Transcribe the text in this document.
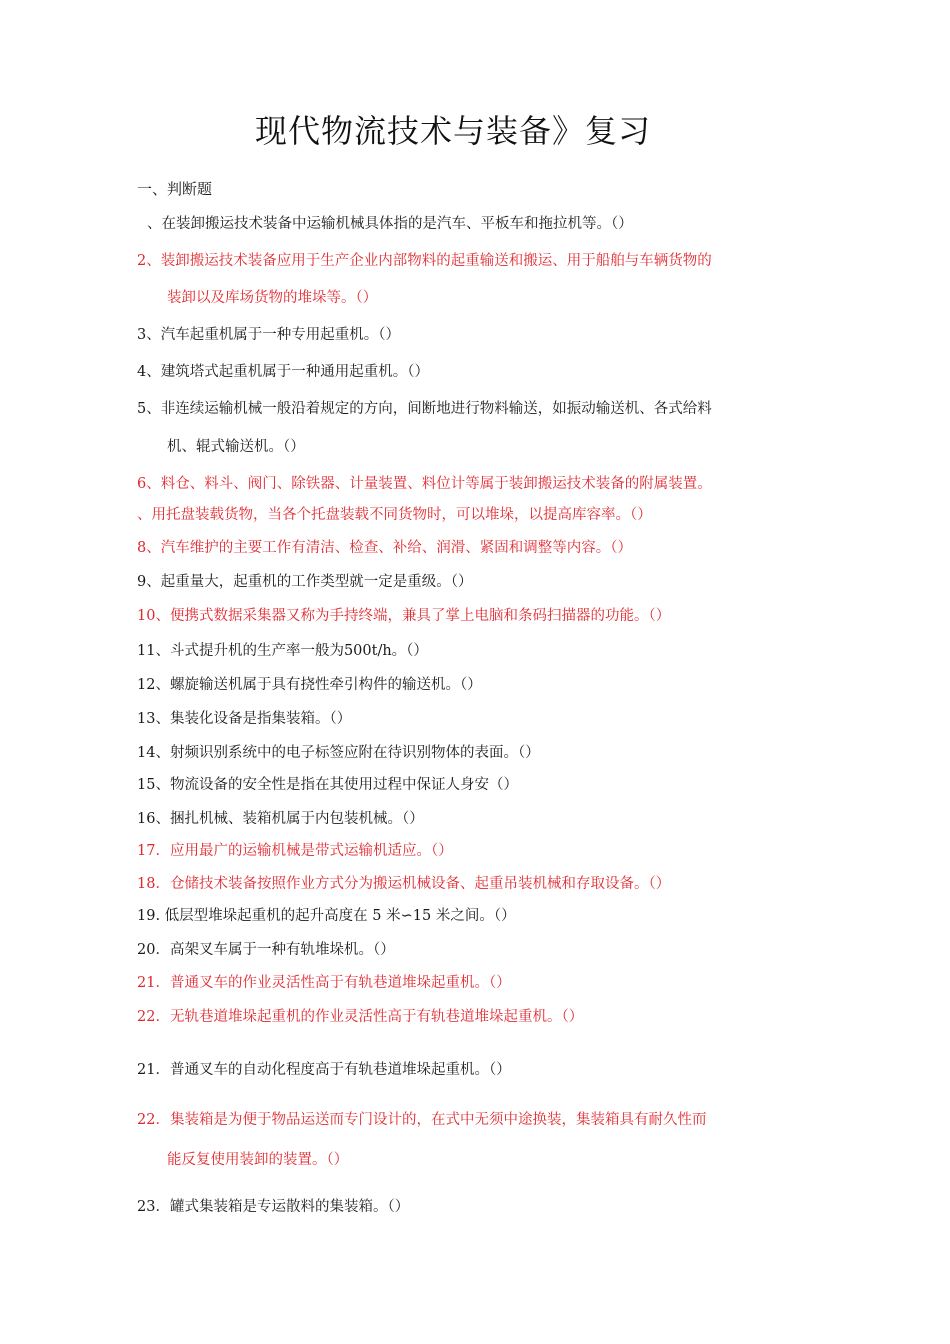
现代物流技术与装备》复习
一、判断题
、在装卸搬运技术装备中运输机械具体指的是汽车、平板车和拖拉机等。（）
2、装卸搬运技术装备应用于生产企业内部物料的起重输送和搬运、用于船舶与车辆货物的
装卸以及库场货物的堆垛等。（）
3、汽车起重机属于一种专用起重机。（）
4、建筑塔式起重机属于一种通用起重机。（）
5、非连续运输机械一般沿着规定的方向，间断地进行物料输送，如振动输送机、各式给料
机、辊式输送机。（）
6、料仓、料斗、阀门、除铁器、计量装置、料位计等属于装卸搬运技术装备的附属装置。
、用托盘装载货物，当各个托盘装载不同货物时，可以堆垛，以提高库容率。（）
8、汽车维护的主要工作有清洁、检查、补给、润滑、紧固和调整等内容。（）
9、起重量大，起重机的工作类型就一定是重级。（）
10、便携式数据采集器又称为手持终端，兼具了掌上电脑和条码扫描器的功能。（）
11、斗式提升机的生产率一般为500t/h。（）
12、螺旋输送机属于具有挠性牵引构件的输送机。（）
13、集装化设备是指集装箱。（）
14、射频识别系统中的电子标签应附在待识别物体的表面。（）
15、物流设备的安全性是指在其使用过程中保证人身安（）
16、捆扎机械、装箱机属于内包装机械。（）
17．应用最广的运输机械是带式运输机适应。（）
18．仓储技术装备按照作业方式分为搬运机械设备、起重吊装机械和存取设备。（）
19. 低层型堆垛起重机的起升高度在 5 米∽15 米之间。（）
20．高架叉车属于一种有轨堆垛机。（）
21．普通叉车的作业灵活性高于有轨巷道堆垛起重机。（）
22．无轨巷道堆垛起重机的作业灵活性高于有轨巷道堆垛起重机。（）
21．普通叉车的自动化程度高于有轨巷道堆垛起重机。（）
22．集装箱是为便于物品运送而专门设计的，在式中无须中途换装，集装箱具有耐久性而
能反复使用装卸的装置。（）
23．罐式集装箱是专运散料的集装箱。（）
